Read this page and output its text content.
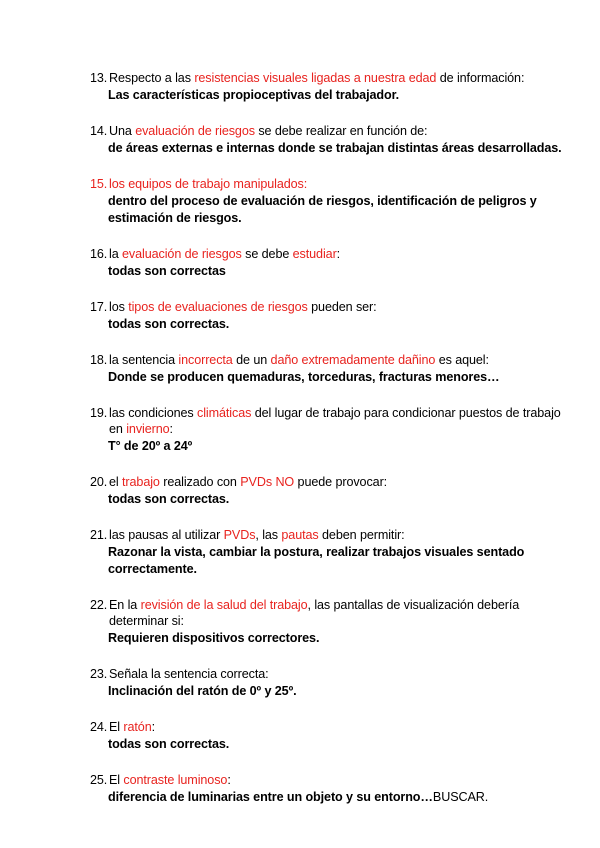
13. Respecto a las resistencias visuales ligadas a nuestra edad de información:
Las características propioceptivas del trabajador.
14. Una evaluación de riesgos se debe realizar en función de:
de áreas externas e internas donde se trabajan distintas áreas desarrolladas.
15. los equipos de trabajo manipulados:
dentro del proceso de evaluación de riesgos, identificación de peligros y estimación de riesgos.
16. la evaluación de riesgos se debe estudiar:
todas son correctas
17. los tipos de evaluaciones de riesgos pueden ser:
todas son correctas.
18. la sentencia incorrecta de un daño extremadamente dañino es aquel:
Donde se producen quemaduras, torceduras, fracturas menores…
19. las condiciones climáticas del lugar de trabajo para condicionar puestos de trabajo en invierno:
T° de 20º a 24º
20. el trabajo realizado con PVDs NO puede provocar:
todas son correctas.
21. las pausas al utilizar PVDs, las pautas deben permitir:
Razonar la vista, cambiar la postura, realizar trabajos visuales sentado correctamente.
22. En la revisión de la salud del trabajo, las pantallas de visualización debería determinar si:
Requieren dispositivos correctores.
23. Señala la sentencia correcta:
Inclinación del ratón de 0º y 25º.
24. El ratón:
todas son correctas.
25. El contraste luminoso:
diferencia de luminarias entre un objeto y su entorno…BUSCAR.
